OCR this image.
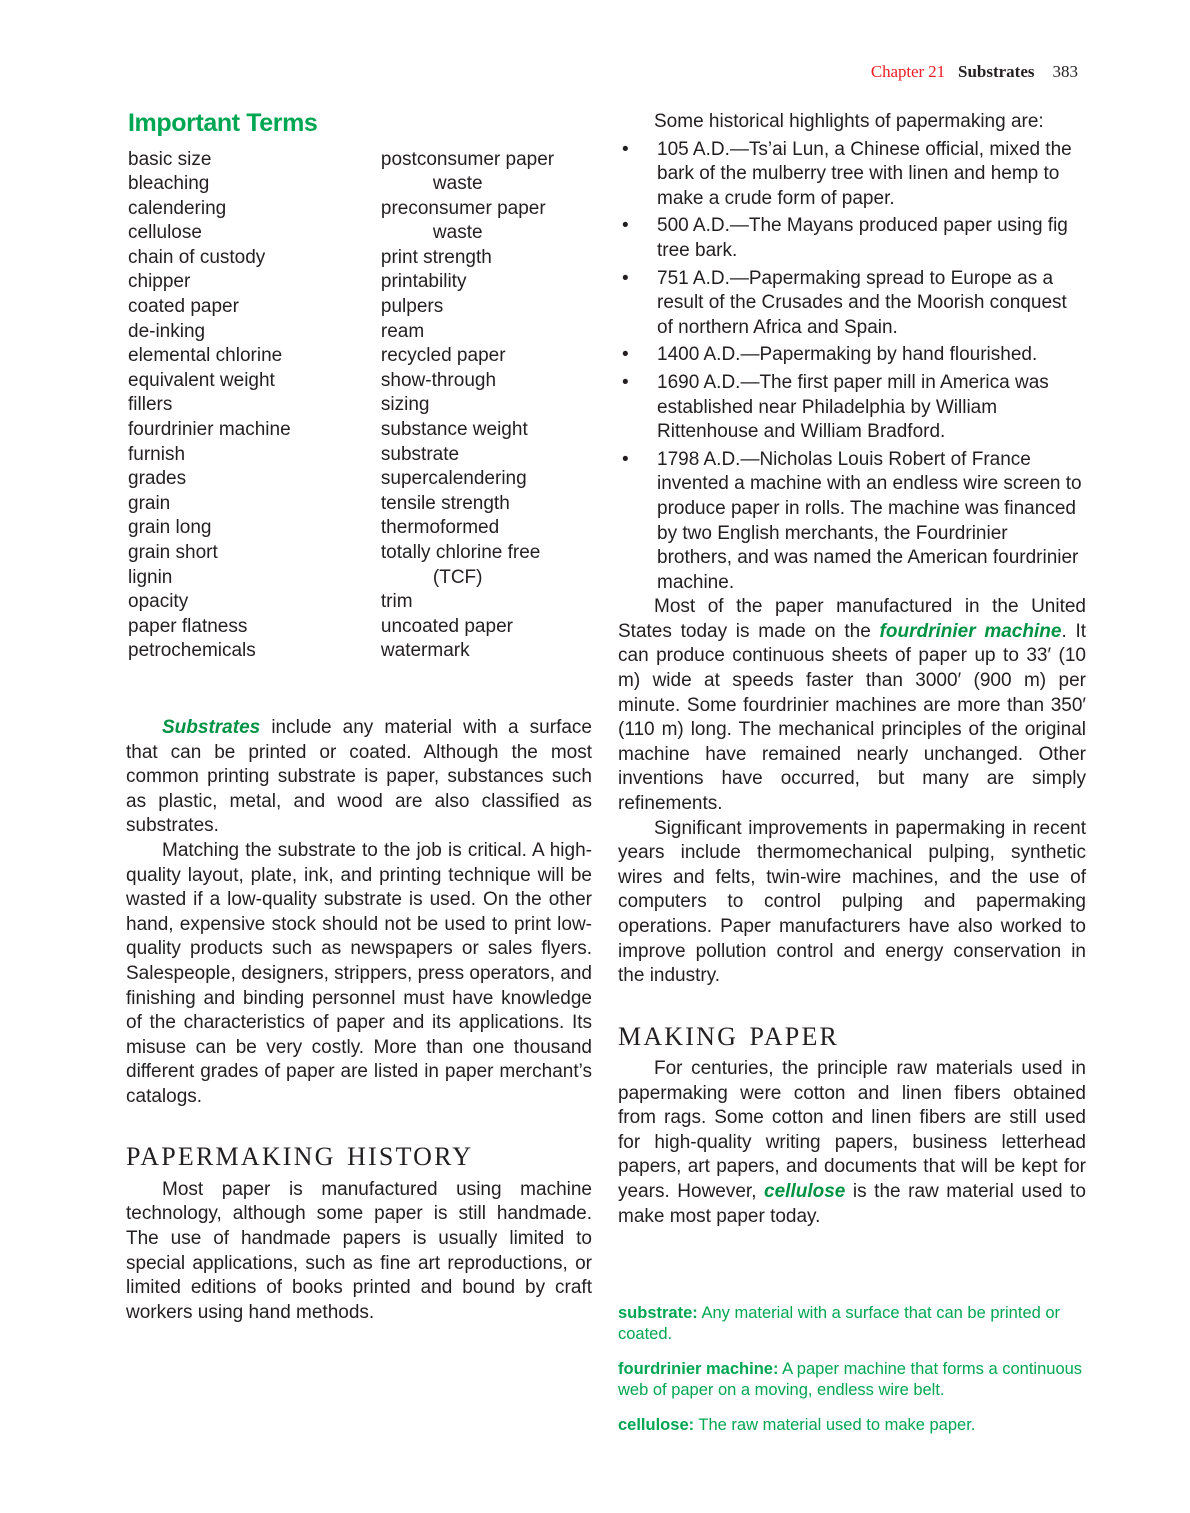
Chapter 21 Substrates 383
Important Terms
basic size
bleaching
calendering
cellulose
chain of custody
chipper
coated paper
de-inking
elemental chlorine
equivalent weight
fillers
fourdrinier machine
furnish
grades
grain
grain long
grain short
lignin
opacity
paper flatness
petrochemicals
postconsumer paper
waste
preconsumer paper
waste
print strength
printability
pulpers
ream
recycled paper
show-through
sizing
substance weight
substrate
supercalendering
tensile strength
thermoformed
totally chlorine free
(TCF)
trim
uncoated paper
watermark

Substrates include any material with a surface that can be printed or coated. Although the most common printing substrate is paper, substances such as plastic, metal, and wood are also classified as substrates.

Matching the substrate to the job is critical. A high-quality layout, plate, ink, and printing technique will be wasted if a low-quality substrate is used. On the other hand, expensive stock should not be used to print low-quality products such as newspapers or sales flyers. Salespeople, designers, strippers, press operators, and finishing and binding personnel must have knowledge of the characteristics of paper and its applications. Its misuse can be very costly. More than one thousand different grades of paper are listed in paper merchant’s catalogs.

papermaking history

Most paper is manufactured using machine technology, although some paper is still handmade. The use of handmade papers is usually limited to special applications, such as fine art reproductions, or limited editions of books printed and bound by craft workers using hand methods.

Some historical highlights of papermaking are:

• 105 A.D.—Ts’ai Lun, a Chinese official, mixed the bark of the mulberry tree with linen and hemp to make a crude form of paper.
• 500 A.D.—The Mayans produced paper using fig tree bark.
• 751 A.D.—Papermaking spread to Europe as a result of the Crusades and the Moorish conquest of northern Africa and Spain.
• 1400 A.D.—Papermaking by hand flourished.
• 1690 A.D.—The first paper mill in America was established near Philadelphia by William Rittenhouse and William Bradford.
• 1798 A.D.—Nicholas Louis Robert of France invented a machine with an endless wire screen to produce paper in rolls. The machine was financed by two English merchants, the Fourdrinier brothers, and was named the American fourdrinier machine.

Most of the paper manufactured in the United States today is made on the fourdrinier machine. It can produce continuous sheets of paper up to 33′ (10 m) wide at speeds faster than 3000′ (900 m) per minute. Some fourdrinier machines are more than 350′ (110 m) long. The mechanical principles of the original machine have remained nearly unchanged. Other inventions have occurred, but many are simply refinements.

Significant improvements in papermaking in recent years include thermomechanical pulping, synthetic wires and felts, twin-wire machines, and the use of computers to control pulping and papermaking operations. Paper manufacturers have also worked to improve pollution control and energy conservation in the industry.

making paper

For centuries, the principle raw materials used in papermaking were cotton and linen fibers obtained from rags. Some cotton and linen fibers are still used for high-quality writing papers, business letterhead papers, art papers, and documents that will be kept for years. However, cellulose is the raw material used to make most paper today.

substrate: Any material with a surface that can be printed or coated.
fourdrinier machine: A paper machine that forms a continuous web of paper on a moving, endless wire belt.
cellulose: The raw material used to make paper.
